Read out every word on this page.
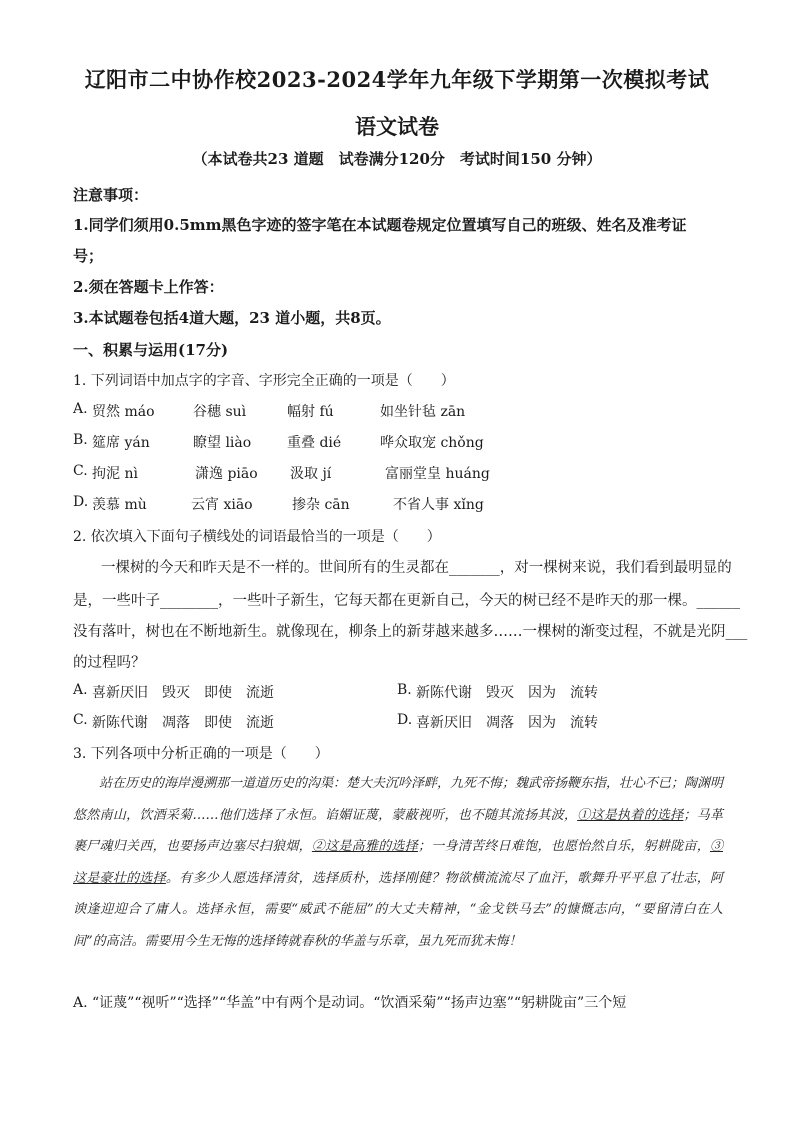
辽阳市二中协作校2023-2024学年九年级下学期第一次模拟考试
语文试卷
（本试卷共23 道题　试卷满分120分　考试时间150 分钟）
注意事项：
1.同学们须用0.5mm黑色字迹的签字笔在本试题卷规定位置填写自己的班级、姓名及准考证
号；
2.须在答题卡上作答：
3.本试题卷包括4道大题，23 道小题，共8页。
一、积累与运用(17分)
1. 下列词语中加点字的字音、字形完全正确的一项是（　　）
A. 贸然 máo	谷穗 suì	幅射 fú	如坐针毡 zān
B. 筵席 yán	瞭望 liào	重叠 dié	哗众取宠 chǒng
C. 拘泥 nì	潇逸 piāo 汲取 jí	富丽堂皇 huáng
D. 羡慕 mù	云宵 xiāo	掺杂 cān	不省人事 xǐng
2. 依次填入下面句子横线处的词语最恰当的一项是（　　）
一棵树的今天和昨天是不一样的。世间所有的生灵都在_______，对一棵树来说，我们看到最明显的
是，一些叶子________，一些叶子新生，它每天都在更新自己，今天的树已经不是昨天的那一棵。______
没有落叶，树也在不断地新生。就像现在，柳条上的新芽越来越多……一棵树的渐变过程，不就是光阴___
的过程吗？
A. 喜新厌旧　毁灭　即使　流逝	B. 新陈代谢　毁灭　因为　流转
C. 新陈代谢　凋落　即使　流逝	D. 喜新厌旧　凋落　因为　流转
3. 下列各项中分析正确的一项是（　　）
站在历史的海岸漫溯那一道道历史的沟渠：楚大夫沉吟泽畔，九死不悔；魏武帝扬鞭东指，壮心不已；陶渊明悠然南山，饮酒采菊……他们选择了永恒。谄媚证蔑，蒙蔽视听，也不随其流扬其波，①这是执着的选择；马革裹尸魂归关西，也要扬声边塞尽扫狼烟，②这是高雅的选择；一身清苦终日难饱，也愿怡然自乐，躬耕陇亩，③这是豪壮的选择。有多少人愿选择清贫，选择质朴，选择刚健？物欲横流流尽了血汗，歌舞升平平息了壮志，阿谀逢迎迎合了庸人。选择永恒，需要“威武不能屈”的大丈夫精神，“金戈铁马去”的慷慨志向，“要留清白在人间”的高洁。需要用今生无悔的选择铸就春秋的华盖与乐章，虽九死而犹未悔！
A. “证蔑”“视听”“选择”“华盖”中有两个是动词。“饮酒采菊”“扬声边塞”“躬耕陇亩”三个短
